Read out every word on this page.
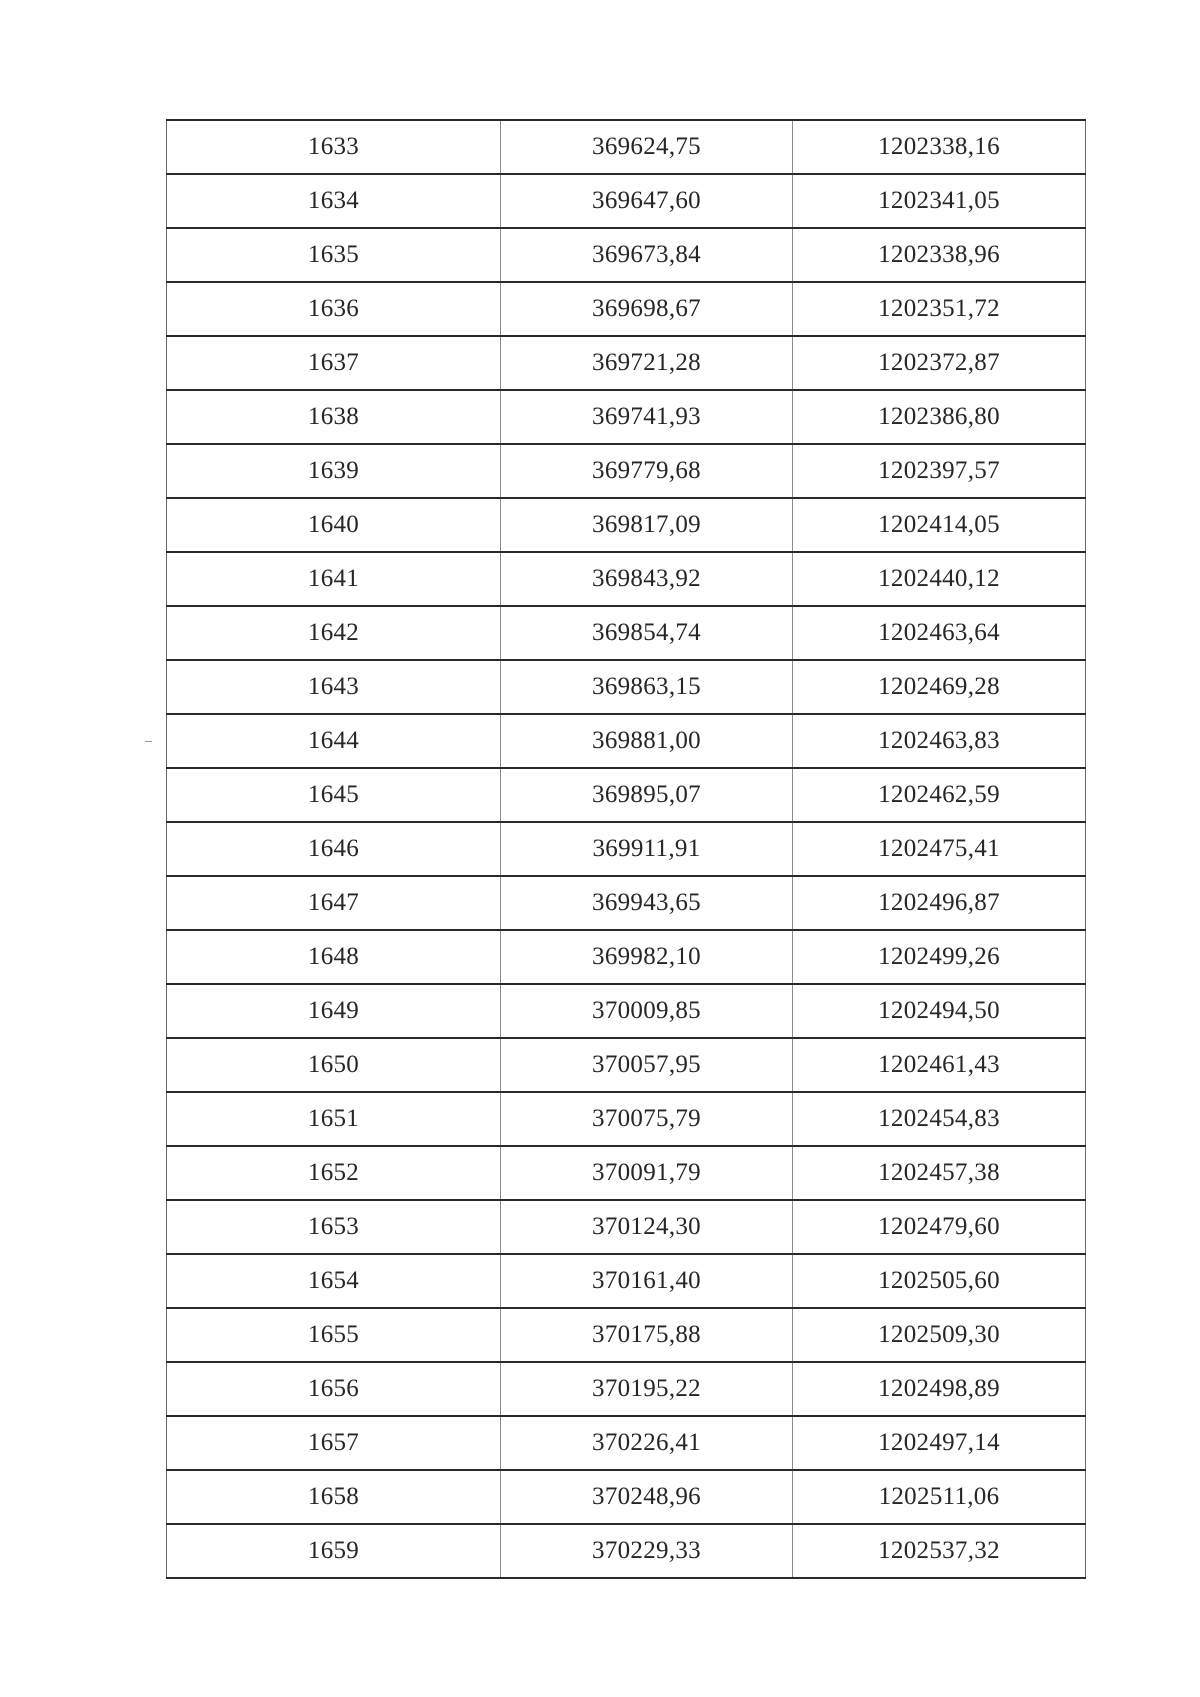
1633	369624,75	1202338,16
1634	369647,60	1202341,05
1635	369673,84	1202338,96
1636	369698,67	1202351,72
1637	369721,28	1202372,87
1638	369741,93	1202386,80
1639	369779,68	1202397,57
1640	369817,09	1202414,05
1641	369843,92	1202440,12
1642	369854,74	1202463,64
1643	369863,15	1202469,28
1644	369881,00	1202463,83
1645	369895,07	1202462,59
1646	369911,91	1202475,41
1647	369943,65	1202496,87
1648	369982,10	1202499,26
1649	370009,85	1202494,50
1650	370057,95	1202461,43
1651	370075,79	1202454,83
1652	370091,79	1202457,38
1653	370124,30	1202479,60
1654	370161,40	1202505,60
1655	370175,88	1202509,30
1656	370195,22	1202498,89
1657	370226,41	1202497,14
1658	370248,96	1202511,06
1659	370229,33	1202537,32
